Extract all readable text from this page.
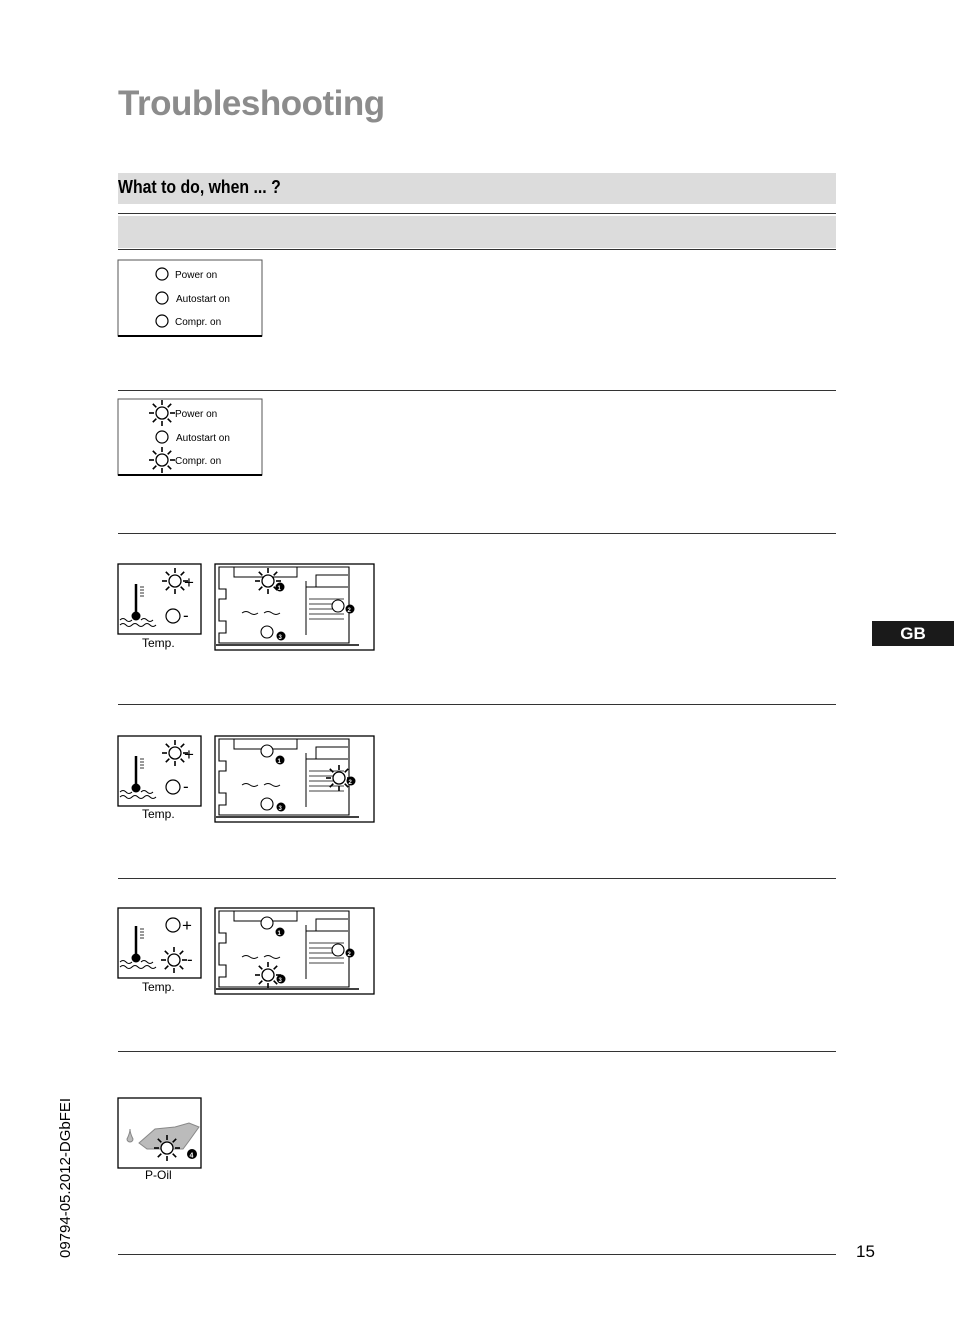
Troubleshooting
What to do, when ... ?
GB
09794-05.2012-DGbFEI	15
Power on
Autostart on
Compr. on
Power on
Autostart on
Compr. on
+
-
Temp.
1
2
3
+
-
Temp.
1
2
3
+
-
Temp.
1
2
3
4
P-Oil
